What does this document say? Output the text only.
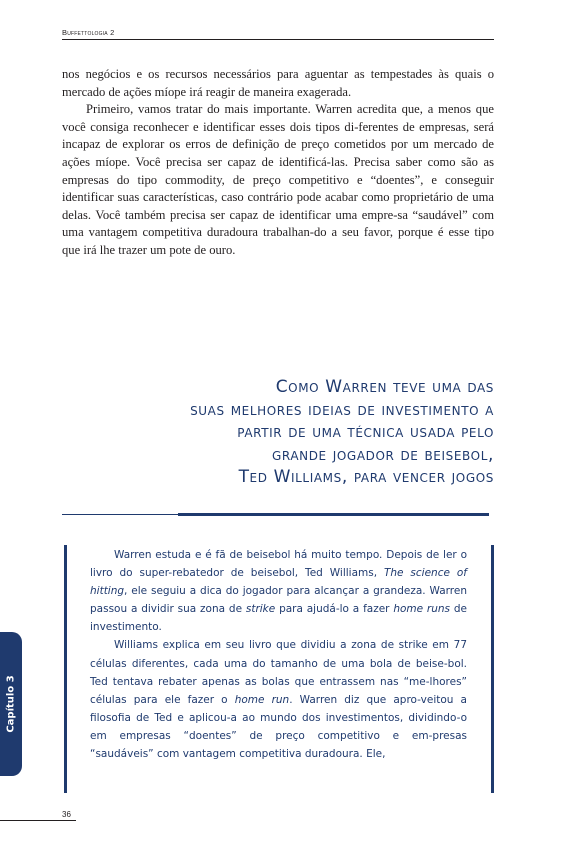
Buffettologia 2

nos negócios e os recursos necessários para aguentar as tempestades às quais o mercado de ações míope irá reagir de maneira exagerada.

Primeiro, vamos tratar do mais importante. Warren acredita que, a menos que você consiga reconhecer e identificar esses dois tipos di-ferentes de empresas, será incapaz de explorar os erros de definição de preço cometidos por um mercado de ações míope. Você precisa ser capaz de identificá-las. Precisa saber como são as empresas do tipo commodity, de preço competitivo e “doentes”, e conseguir identificar suas características, caso contrário pode acabar como proprietário de uma delas. Você também precisa ser capaz de identificar uma empre-sa “saudável” com uma vantagem competitiva duradoura trabalhan-do a seu favor, porque é esse tipo que irá lhe trazer um pote de ouro.

Como Warren teve uma das
suas melhores ideias de investimento a
partir de uma técnica usada pelo
grande jogador de beisebol,
Ted Williams, para vencer jogos

Warren estuda e é fã de beisebol há muito tempo. Depois de ler o livro do super-rebatedor de beisebol, Ted Williams, The science of hitting, ele seguiu a dica do jogador para alcançar a grandeza. Warren passou a dividir sua zona de strike para ajudá-lo a fazer home runs de investimento.

Williams explica em seu livro que dividiu a zona de strike em 77 células diferentes, cada uma do tamanho de uma bola de beise-bol. Ted tentava rebater apenas as bolas que entrassem nas “me-lhores” células para ele fazer o home run. Warren diz que apro-veitou a filosofia de Ted e aplicou-a ao mundo dos investimentos, dividindo-o em empresas “doentes” de preço competitivo e em-presas “saudáveis” com vantagem competitiva duradoura. Ele,

Capítulo 3
36
